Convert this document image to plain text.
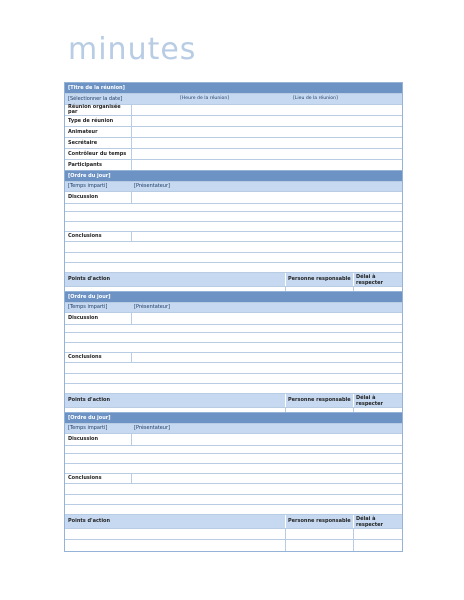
minutes
[Titre de la réunion]
[Sélectionner la date]	[Heure de la réunion]	[Lieu de la réunion]
Réunion organisée par
Type de réunion
Animateur
Secrétaire
Contrôleur du temps
Participants
[Ordre du jour]
[Temps imparti]	[Présentateur]
Discussion
Conclusions
Points d'action	Personne responsable	Délai à respecter
[Ordre du jour]
[Temps imparti]	[Présentateur]
Discussion
Conclusions
Points d'action	Personne responsable	Délai à respecter
[Ordre du jour]
[Temps imparti]	[Présentateur]
Discussion
Conclusions
Points d'action	Personne responsable	Délai à respecter
